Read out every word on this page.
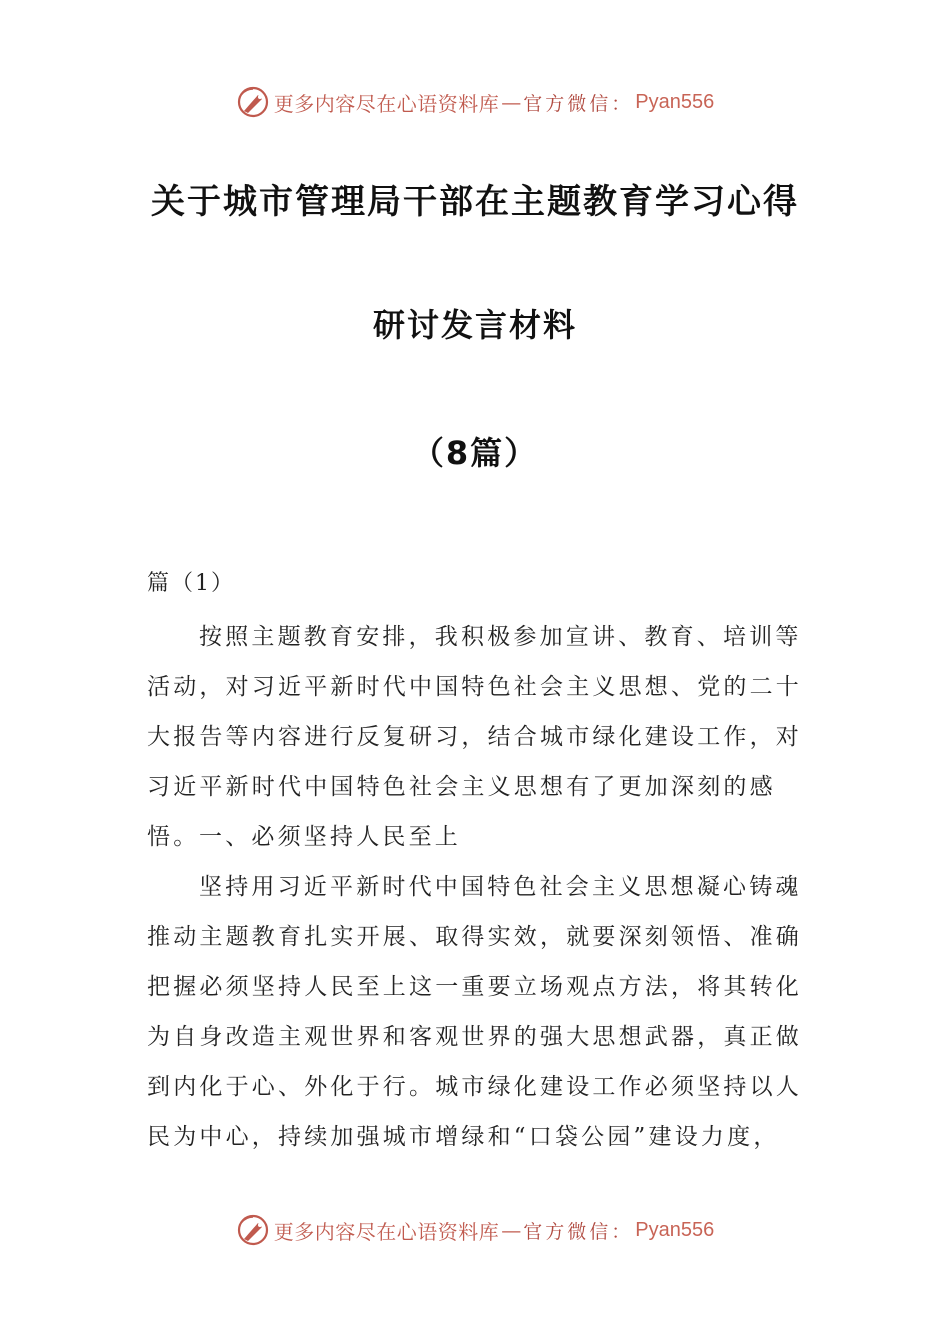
更多内容尽在心语资料库 — 官方微信： Pyan556
关于城市管理局干部在主题教育学习心得
研讨发言材料
（8篇）
篇（1）
按照主题教育安排，我积极参加宣讲、教育、培训等活动，对习近平新时代中国特色社会主义思想、党的二十大报告等内容进行反复研习，结合城市绿化建设工作，对习近平新时代中国特色社会主义思想有了更加深刻的感悟。 一、必须坚持人民至上
坚持用习近平新时代中国特色社会主义思想凝心铸魂推动主题教育扎实开展、取得实效，就要深刻领悟、准确把握必须坚持人民至上这一重要立场观点方法，将其转化为自身改造主观世界和客观世界的强大思想武器，真正做到内化于心、外化于行。城市绿化建设工作必须坚持以人民为中心，持续加强城市增绿和“口袋公园”建设力度，
更多内容尽在心语资料库 — 官方微信： Pyan556
